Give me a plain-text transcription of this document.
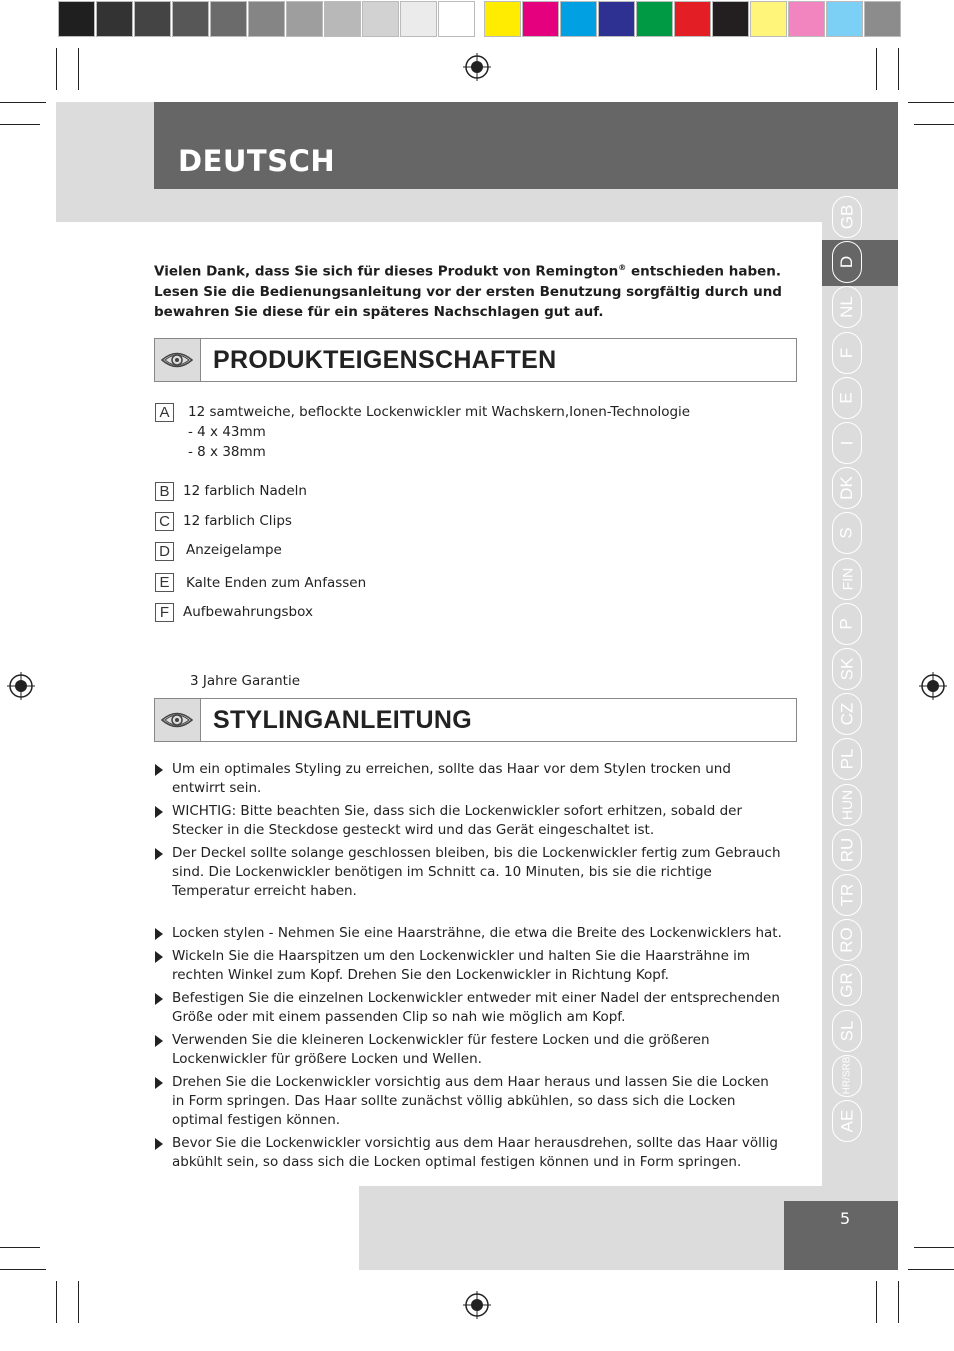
DEUTSCH
GB
D
NL
F
E
I
DK
S
FIN
P
SK
CZ
PL
HUN
RU
TR
RO
GR
SL
HR/SRB
AE
5
Vielen Dank, dass Sie sich für dieses Produkt von Remington® entschieden haben.
Lesen Sie die Bedienungsanleitung vor der ersten Benutzung sorgfältig durch und
bewahren Sie diese für ein späteres Nachschlagen gut auf.
PRODUKTEIGENSCHAFTEN
A	12 samtweiche, beflockte Lockenwickler mit Wachskern,Ionen-Technologie
- 4 x 43mm
- 8 x 38mm
B	12 farblich Nadeln
C 12 farblich Clips
D	Anzeigelampe
E	Kalte Enden zum Anfassen
F	Aufbewahrungsbox
3 Jahre Garantie
STYLINGANLEITUNG
Um ein optimales Styling zu erreichen, sollte das Haar vor dem Stylen trocken und entwirrt sein.
WICHTIG: Bitte beachten Sie, dass sich die Lockenwickler sofort erhitzen, sobald der Stecker in die Steckdose gesteckt wird und das Gerät eingeschaltet ist.
Der Deckel sollte solange geschlossen bleiben, bis die Lockenwickler fertig zum Gebrauch sind. Die Lockenwickler benötigen im Schnitt ca. 10 Minuten, bis sie die richtige Temperatur erreicht haben.
Locken stylen - Nehmen Sie eine Haarsträhne, die etwa die Breite des Lockenwicklers hat.
Wickeln Sie die Haarspitzen um den Lockenwickler und halten Sie die Haarsträhne im rechten Winkel zum Kopf. Drehen Sie den Lockenwickler in Richtung Kopf.
Befestigen Sie die einzelnen Lockenwickler entweder mit einer Nadel der entsprechenden Größe oder mit einem passenden Clip so nah wie möglich am Kopf.
Verwenden Sie die kleineren Lockenwickler für festere Locken und die größeren Lockenwickler für größere Locken und Wellen.
Drehen Sie die Lockenwickler vorsichtig aus dem Haar heraus und lassen Sie die Locken in Form springen. Das Haar sollte zunächst völlig abkühlen, so dass sich die Locken optimal festigen können.
Bevor Sie die Lockenwickler vorsichtig aus dem Haar herausdrehen, sollte das Haar völlig abkühlt sein, so dass sich die Locken optimal festigen können und in Form springen.
